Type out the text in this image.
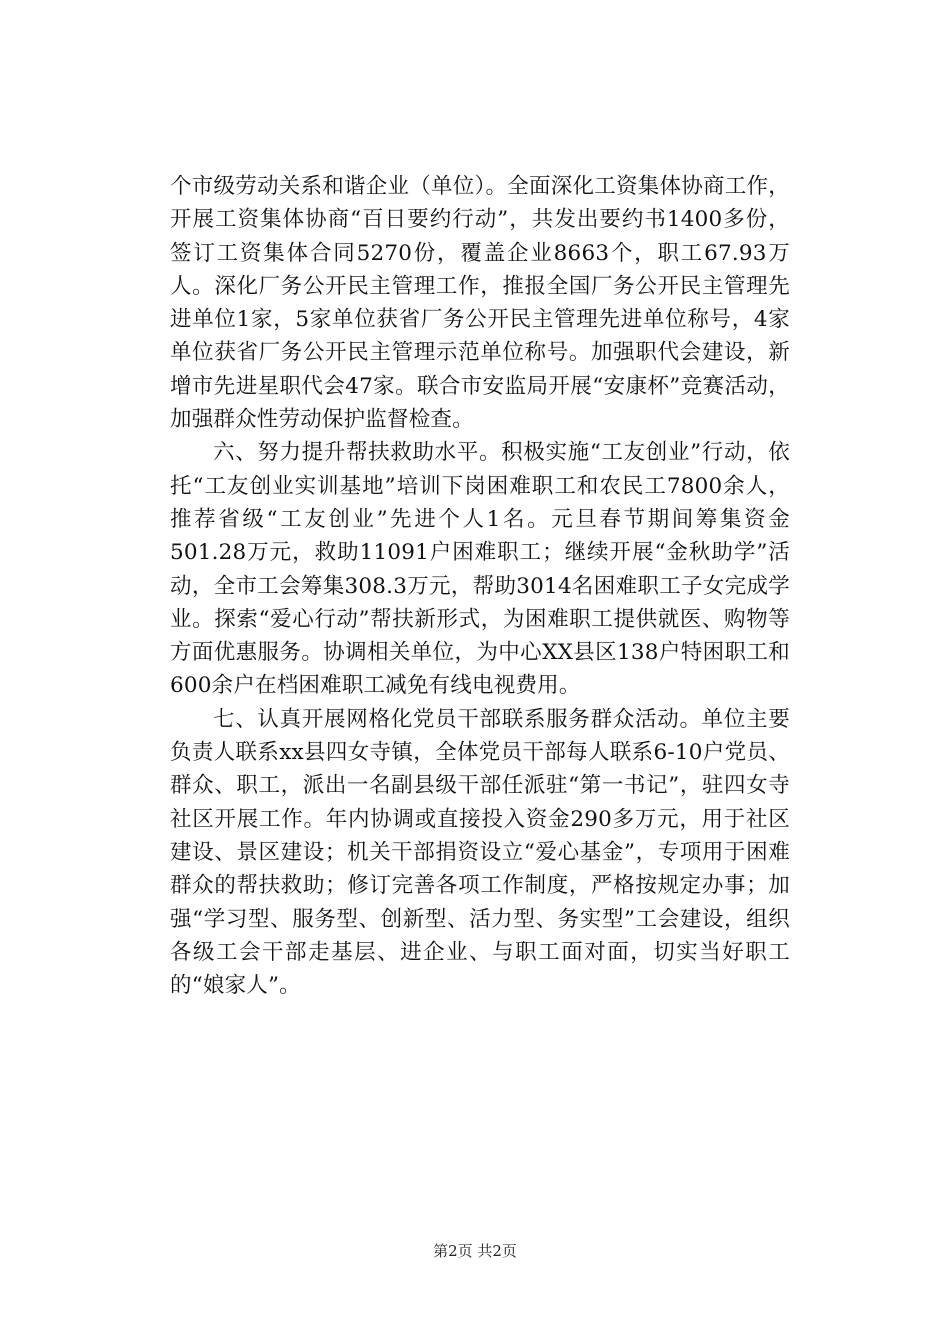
个市级劳动关系和谐企业（单位）。全面深化工资集体协商工作，开展工资集体协商“百日要约行动”，共发出要约书1400多份，签订工资集体合同5270份，覆盖企业8663个，职工67.93万人。深化厂务公开民主管理工作，推报全国厂务公开民主管理先进单位1家，5家单位获省厂务公开民主管理先进单位称号，4家单位获省厂务公开民主管理示范单位称号。加强职代会建设，新增市先进星职代会47家。联合市安监局开展“安康杯”竞赛活动，加强群众性劳动保护监督检查。

六、努力提升帮扶救助水平。积极实施“工友创业”行动，依托“工友创业实训基地”培训下岗困难职工和农民工7800余人，推荐省级“工友创业”先进个人1名。元旦春节期间筹集资金501.28万元，救助11091户困难职工；继续开展“金秋助学”活动，全市工会筹集308.3万元，帮助3014名困难职工子女完成学业。探索“爱心行动”帮扶新形式，为困难职工提供就医、购物等方面优惠服务。协调相关单位，为中心XX县区138户特困职工和600余户在档困难职工减免有线电视费用。

七、认真开展网格化党员干部联系服务群众活动。单位主要负责人联系xx县四女寺镇，全体党员干部每人联系6-10户党员、群众、职工，派出一名副县级干部任派驻“第一书记”，驻四女寺社区开展工作。年内协调或直接投入资金290多万元，用于社区建设、景区建设；机关干部捐资设立“爱心基金”，专项用于困难群众的帮扶救助；修订完善各项工作制度，严格按规定办事；加强“学习型、服务型、创新型、活力型、务实型”工会建设，组织各级工会干部走基层、进企业、与职工面对面，切实当好职工的“娘家人”。

第2页 共2页
